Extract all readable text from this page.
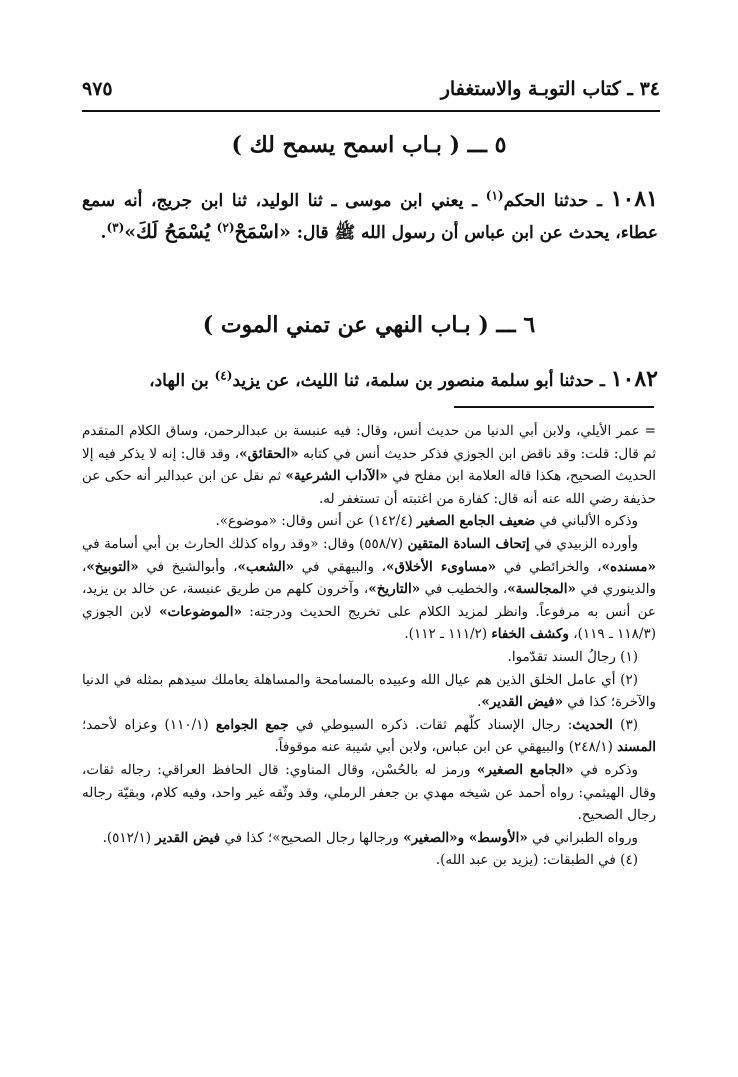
٣٤ ـ كتاب التوبـة والاستغفار
٩٧٥
٥ ـــ ( بـاب اسمح يسمح لك )
١٠٨١ ـ حدثنا الحكم$^{(١)}$ ـ يعني ابن موسى ـ ثنا الوليد، ثنا ابن جريج، أنه سمع عطاء، يحدث عن ابن عباس أن رسول الله ﷺ قال: «اسْمَحْ$^{(٢)}$ يُسْمَحُ لَكَ»$^{(٣)}$.
٦ ـــ ( بـاب النهي عن تمني الموت )
١٠٨٢ ـ حدثنا أبو سلمة منصور بن سلمة، ثنا الليث، عن يزيد$^{(٤)}$ بن الهاد،

= عمر الأيلي، ولابن أبي الدنيا من حديث أنس، وقال: فيه عنبسة بن عبدالرحمن، وساق الكلام المتقدم ثم قال: قلت: وقد ناقض ابن الجوزي فذكر حديث أنس في كتابه «الحقائق»، وقد قال: إنه لا يذكر فيه إلا الحديث الصحيح، هكذا قاله العلامة ابن مفلح في «الآداب الشرعية» ثم نقل عن ابن عبدالبر أنه حكى عن حذيفة رضي الله عنه أنه قال: كفارة من اغتبته أن تستغفر له.

وذكره الألباني في ضعيف الجامع الصغير (١٤٢/٤) عن أنس وقال: «موضوع».

وأورده الزبيدي في إتحاف السادة المتقين (٥٥٨/٧) وقال: «وقد رواه كذلك الحارث بن أبي أسامة في «مسنده»، والخرائطي في «مساوىء الأخلاق»، والبيهقي في «الشعب»، وأبوالشيخ في «التوبيخ»، والدينوري في «المجالسة»، والخطيب في «التاريخ»، وآخرون كلهم من طريق عنبسة، عن خالد بن يزيد، عن أنس به مرفوعاً. وانظر لمزيد الكلام على تخريج الحديث ودرجته: «الموضوعات» لابن الجوزي (١١٨/٣ ـ ١١٩)، وكشف الخفاء (١١١/٢ ـ ١١٢).

(١) رجالُ السند تقدّموا.

(٢) أي عامل الخلق الذين هم عيال الله وعبيده بالمسامحة والمساهلة يعاملك سيدهم بمثله في الدنيا والآخرة؛ كذا في «فيض القدير».

(٣) الحديث: رجال الإسناد كلّهم ثقات. ذكره السيوطي في جمع الجوامع (١١٠/١) وعزاه لأحمد؛ المسند (٢٤٨/١) والبيهقي عن ابن عباس، ولابن أبي شيبة عنه موقوفاً.

وذكره في «الجامع الصغير» ورمز له بالحُسْن، وقال المناوي: قال الحافظ العراقي: رجاله ثقات، وقال الهيثمي: رواه أحمد عن شيخه مهدي بن جعفر الرملي، وقد وثّقه غير واحد، وفيه كلام، وبقيّة رجاله رجال الصحيح.

ورواه الطبراني في «الأوسط» و«الصغير» ورجالها رجال الصحيح»؛ كذا في فيض القدير (٥١٢/١).

(٤) في الطبقات: (يزيد بن عبد الله).
